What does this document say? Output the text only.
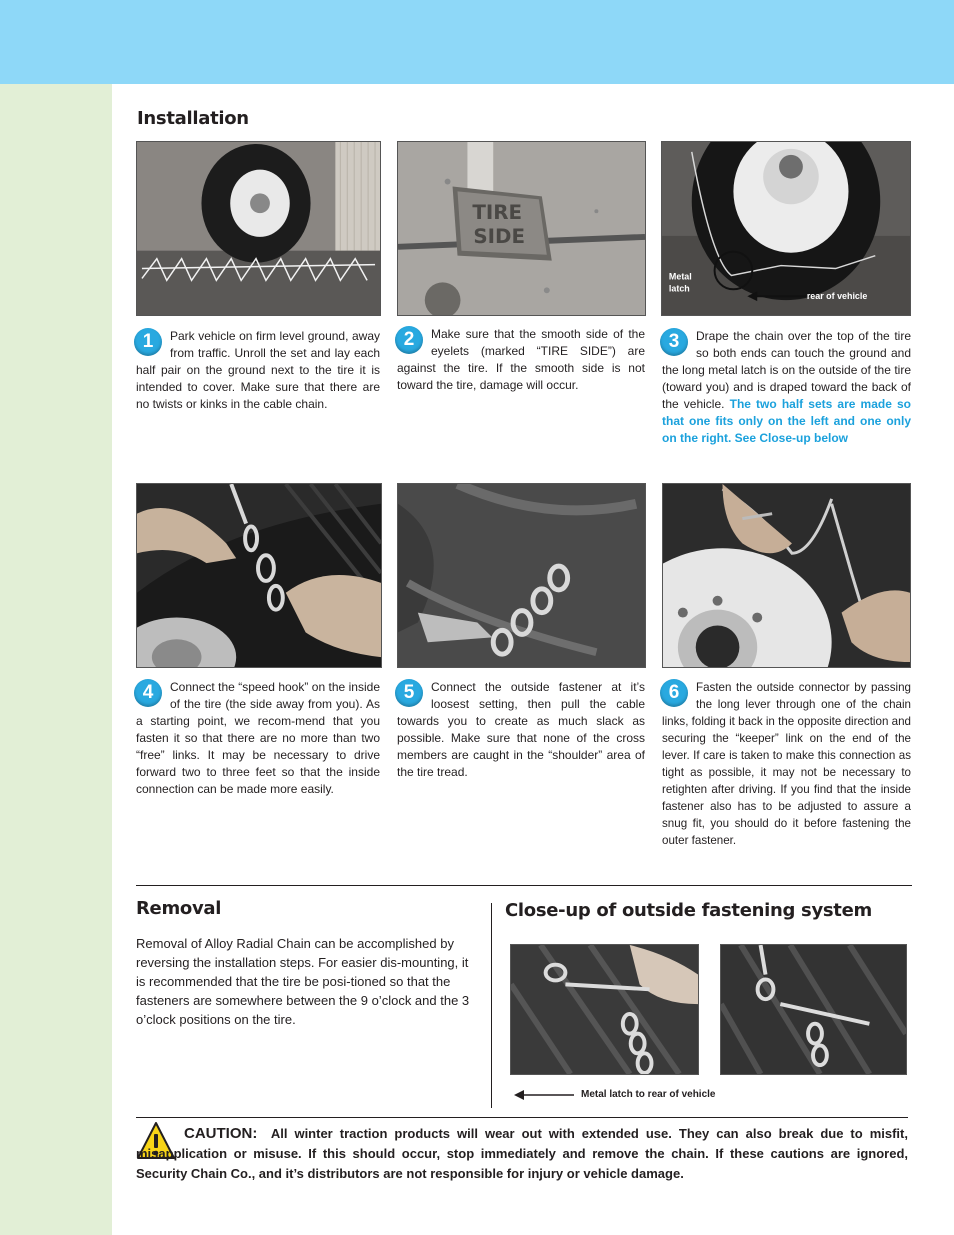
Installation
TIRE
SIDE
Metal
latch
rear of vehicle
1	Park vehicle on firm level ground, away from traffic. Unroll the set and lay each half pair on the ground next to the tire it is intended to cover. Make sure that there are no twists or kinks in the cable chain.
2	Make sure that the smooth side of the eyelets (marked “TIRE SIDE”) are against the tire. If the smooth side is not toward the tire, damage will occur.
3	Drape the chain over the top of the tire so both ends can touch the ground and the long metal latch is on the outside of the tire (toward you) and is draped toward the back of the vehicle. The two half sets are made so that one fits only on the left and one only on the right. See Close-up below
4	Connect the “speed hook” on the inside of the tire (the side away from you). As a starting point, we recom-mend that you fasten it so that there are no more than two “free” links. It may be necessary to drive forward two to three feet so that the inside connection can be made more easily.
5	Connect the outside fastener at it’s loosest setting, then pull the cable towards you to create as much slack as possible. Make sure that none of the cross members are caught in the “shoulder” area of the tire tread.
6	Fasten the outside connector by passing the long lever through one of the chain links, folding it back in the opposite direction and securing the “keeper” link on the end of the lever. If care is taken to make this connection as tight as possible, it may not be necessary to retighten after driving. If you find that the inside fastener also has to be adjusted to assure a snug fit, you should do it before fastening the outer fastener.
Removal
Removal of Alloy Radial Chain can be accomplished by reversing the installation steps. For easier dis-mounting, it is recommended that the tire be posi-tioned so that the fasteners are somewhere between the 9 o’clock and the 3 o’clock positions on the tire.
Close-up of outside fastening system
Metal latch to rear of vehicle
CAUTION: All winter traction products will wear out with extended use. They can also break due to misfit, misapplication or misuse. If this should occur, stop immediately and remove the chain. If these cautions are ignored, Security Chain Co., and it’s distributors are not responsible for injury or vehicle damage.
